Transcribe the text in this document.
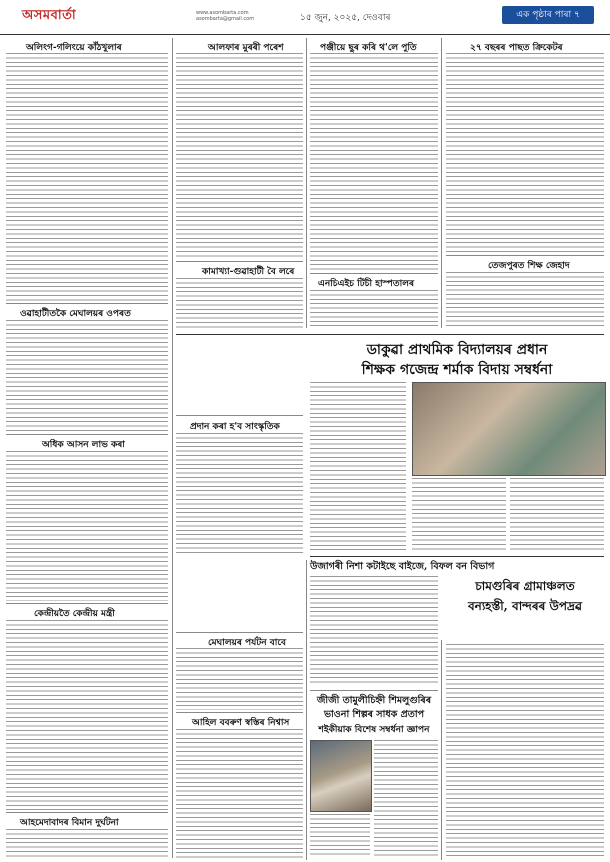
অসমবাৰ্তা	www.asombarta.com
asombarta@gmail.com	১৫ জুন, ২০২৫, দেওবাৰ	এক পৃষ্ঠাৰ পাৰা ৭
অলিংগ-গলিংয়ে কাঁঠখুলাৰ
ওৱাহাটীতকৈ মেঘালয়ৰ ওপৰত
অধিক আসন লাভ কৰা
কেন্দ্ৰীয়তৈ কেন্দ্ৰীয় মন্ত্ৰী
আহমেদাবাদৰ বিমান দুৰ্ঘটনা
আলফাৰ মুৰৰী পৰেশ
কামাখ্যা-গুৱাহাটী বৈ লৰে
প্ৰদান কৰা হ'ব সাংস্কৃতিক
মেঘালয়ৰ পৰ্যটন বাবে
আহিল ববৰুণ স্বস্তিৰ নিশ্বাস
পঞ্জীয়ে ছুৰ কৰি থ'লে পুতি
এনচিএইচ টিচী হাস্পতালৰ
২৭ বছৰৰ পাছত ক্ৰিকেটৰ
তেজপুৰত শিক্ষ জেহাদ
ডাকুৱা প্ৰাথমিক বিদ্যালয়ৰ প্ৰধান
শিক্ষক গজেন্দ্ৰ শৰ্মাক বিদায় সম্বৰ্ধনা
উজাগৰী নিশা কটাইছে বাইজে, বিফল বন বিভাগ
চামগুৰিৰ গ্ৰামাঞ্চলত
বন্যহস্তী, বান্দৰৰ উপদ্ৰৱ
জীজী তামুলীচিহ্নী শিমলুগুৰিৰ
ভাওনা শিল্পৰ সাধক প্ৰতাপ
শইকীয়াক বিশেষ সম্বৰ্ধনা জ্ঞাপন
